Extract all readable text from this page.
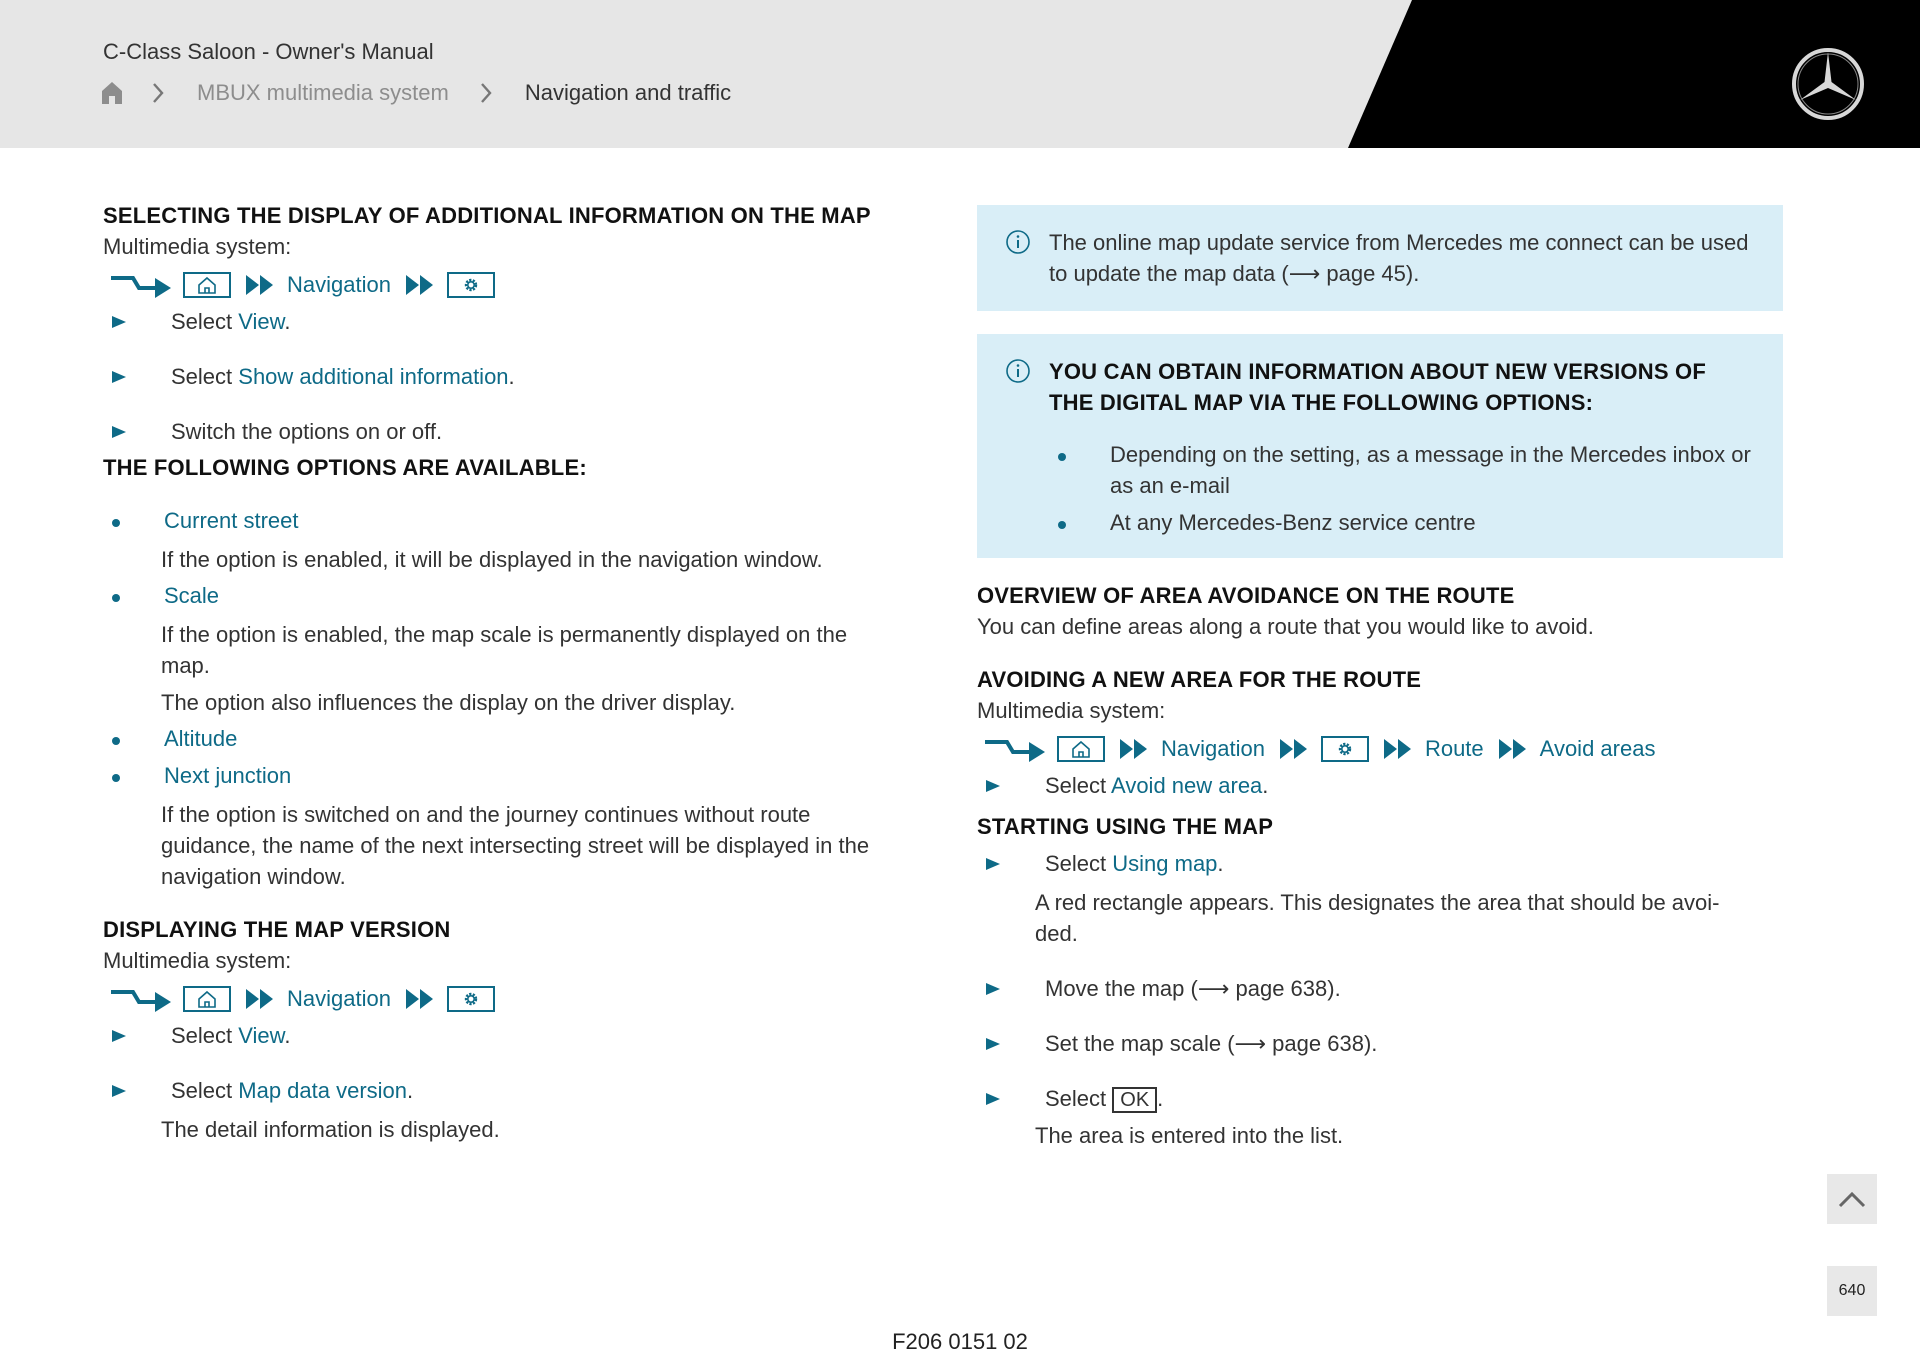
C-Class Saloon - Owner's Manual
MBUX multimedia system	Navigation and traffic
SELECTING THE DISPLAY OF ADDITIONAL INFORMATION ON THE MAP

Multimedia system:

Navigation
Select View.
Select Show additional information.
Switch the options on or off.
THE FOLLOWING OPTIONS ARE AVAILABLE:
Current street

If the option is enabled, it will be displayed in the navigation window.

Scale

If the option is enabled, the map scale is permanently displayed on the map.

The option also influences the display on the driver display.

Altitude
Next junction

If the option is switched on and the journey continues without route guidance, the name of the next intersecting street will be displayed in the navigation window.

DISPLAYING THE MAP VERSION

Multimedia system:

Navigation
Select View.
Select Map data version.

The detail information is displayed.

The online map update service from Mercedes me connect can be used to update the map data (⟶ page 45).

YOU CAN OBTAIN INFORMATION ABOUT NEW VERSIONS OF THE DIGITAL MAP VIA THE FOLLOWING OPTIONS:
Depending on the setting, as a message in the Mercedes inbox or as an e-mail
At any Mercedes-Benz service centre
OVERVIEW OF AREA AVOIDANCE ON THE ROUTE

You can define areas along a route that you would like to avoid.

AVOIDING A NEW AREA FOR THE ROUTE

Multimedia system:

Navigation	Route	Avoid areas
Select Avoid new area.
STARTING USING THE MAP
Select Using map.

A red rectangle appears. This designates the area that should be avoi-ded.

Move the map (⟶ page 638).
Set the map scale (⟶ page 638).
Select OK .

The area is entered into the list.

640
F206 0151 02
